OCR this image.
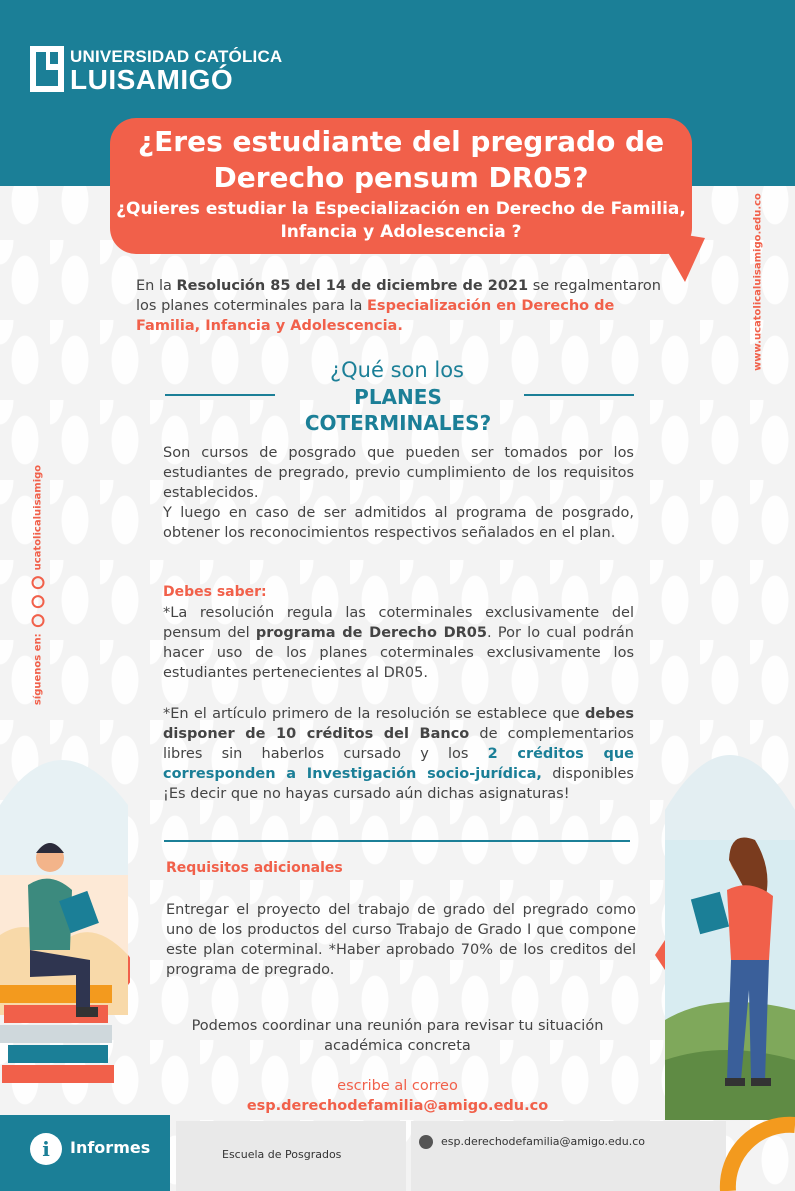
UNIVERSIDAD CATÓLICA
LUISAMIGÓ
¿Eres estudiante del pregrado de Derecho pensum DR05?
¿Quieres estudiar la Especialización en Derecho de Familia, Infancia y Adolescencia ?	www.ucatolicaluisamigo.edu.co
síguenos en:
ucatolicaluisamigo
En la Resolución 85 del 14 de diciembre de 2021 se regalmentaron los planes coterminales para la Especialización en Derecho de Familia, Infancia y Adolescencia.
¿Qué son los
PLANES COTERMINALES?
Son cursos de posgrado que pueden ser tomados por los estudiantes de pregrado, previo cumplimiento de los requisitos establecidos.
Y luego en caso de ser admitidos al programa de posgrado, obtener los reconocimientos respectivos señalados en el plan.
Debes saber:
*La resolución regula las coterminales exclusivamente del pensum del programa de Derecho DR05. Por lo cual podrán hacer uso de los planes coterminales exclusivamente los estudiantes pertenecientes al DR05.
*En el artículo primero de la resolución se establece que debes disponer de 10 créditos del Banco de complementarios libres sin haberlos cursado y los 2 créditos que corresponden a Investigación socio-jurídica, disponibles ¡Es decir que no hayas cursado aún dichas asignaturas!
Requisitos adicionales
Entregar el proyecto del trabajo de grado del pregrado como uno de los productos del curso Trabajo de Grado I que compone este plan coterminal. *Haber aprobado 70% de los creditos del programa de pregrado.
Podemos coordinar una reunión para revisar tu situación académica concreta
escribe al correo
esp.derechodefamilia@amigo.edu.co
i	Informes	Escuela de Posgrados
esp.derechodefamilia@amigo.edu.co
